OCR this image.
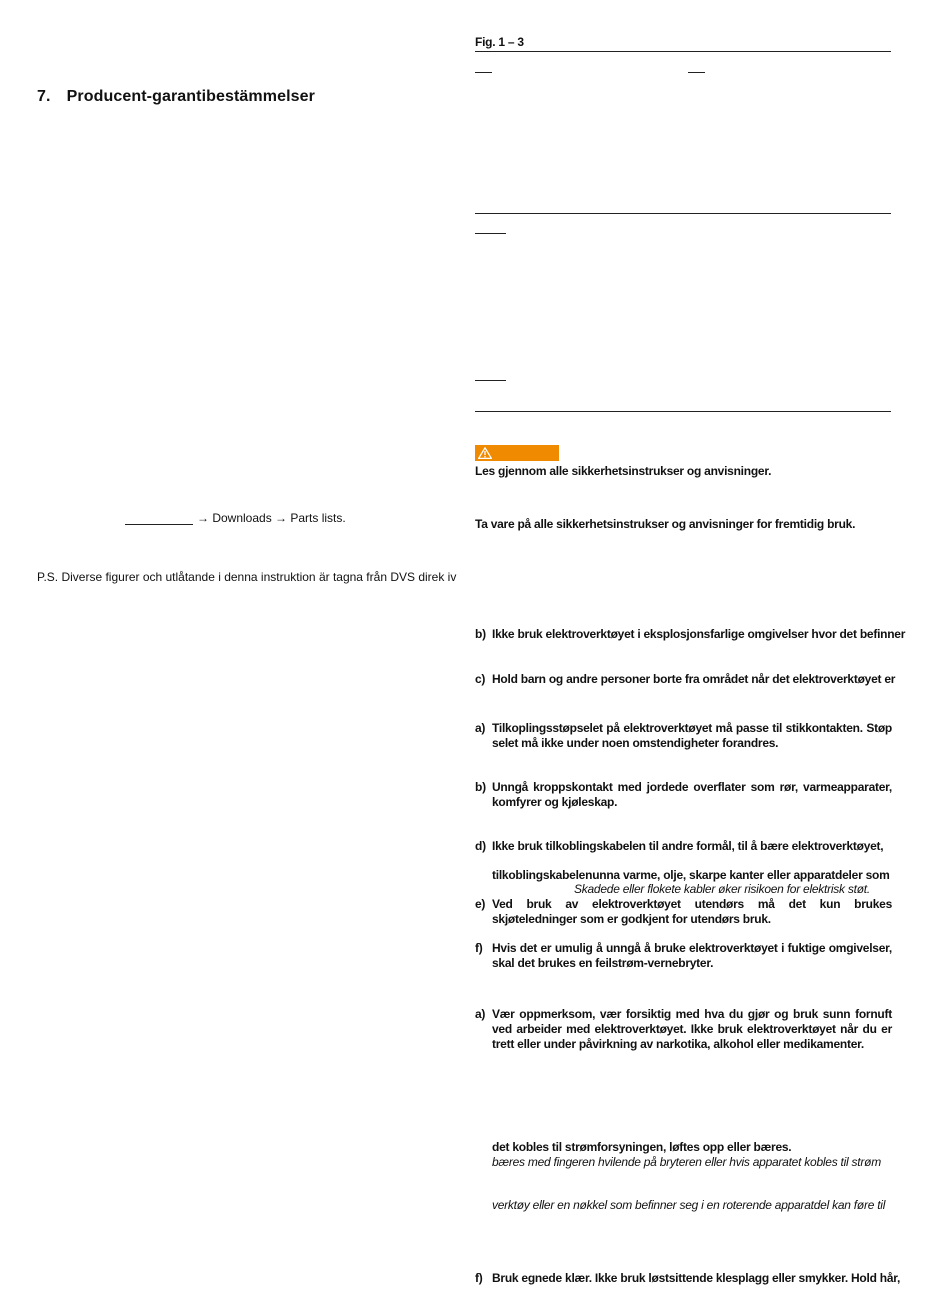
7. Producent-garantibestämmelser
→ Downloads → Parts lists.
P.S. Diverse figurer och utlåtande i denna instruktion är tagna från DVS direk iv
Fig. 1 – 3
Les gjennom alle sikkerhetsinstrukser og anvisninger.
Ta vare på alle sikkerhetsinstrukser og anvisninger for fremtidig bruk.
b) Ikke bruk elektroverktøyet i eksplosjonsfarlige omgivelser hvor det befinner
c) Hold barn og andre personer borte fra området når det elektroverktøyet er
a) Tilkoplingsstøpselet på elektroverktøyet må passe til stikkontakten. Støp selet må ikke under noen omstendigheter forandres.
b) Unngå kroppskontakt med jordede overflater som rør, varmeapparater, komfyrer og kjøleskap.
d) Ikke bruk tilkoblingskabelen til andre formål, til å bære elektroverktøyet,
tilkoblingskabelenunna varme, olje, skarpe kanter eller apparatdeler som
Skadede eller flokete kabler øker risikoen for elektrisk støt.
e) Ved bruk av elektroverktøyet utendørs må det kun brukes skjøteledninger som er godkjent for utendørs bruk.
f) Hvis det er umulig å unngå å bruke elektroverktøyet i fuktige omgivelser, skal det brukes en feilstrøm-vernebryter.
a) Vær oppmerksom, vær forsiktig med hva du gjør og bruk sunn fornuft ved arbeider med elektroverktøyet. Ikke bruk elektroverktøyet når du er trett eller under påvirkning av narkotika, alkohol eller medikamenter.
det kobles til strømforsyningen, løftes opp eller bæres.
bæres med fingeren hvilende på bryteren eller hvis apparatet kobles til strøm
verktøy eller en nøkkel som befinner seg i en roterende apparatdel kan føre til
f) Bruk egnede klær. Ikke bruk løstsittende klesplagg eller smykker. Hold hår,
